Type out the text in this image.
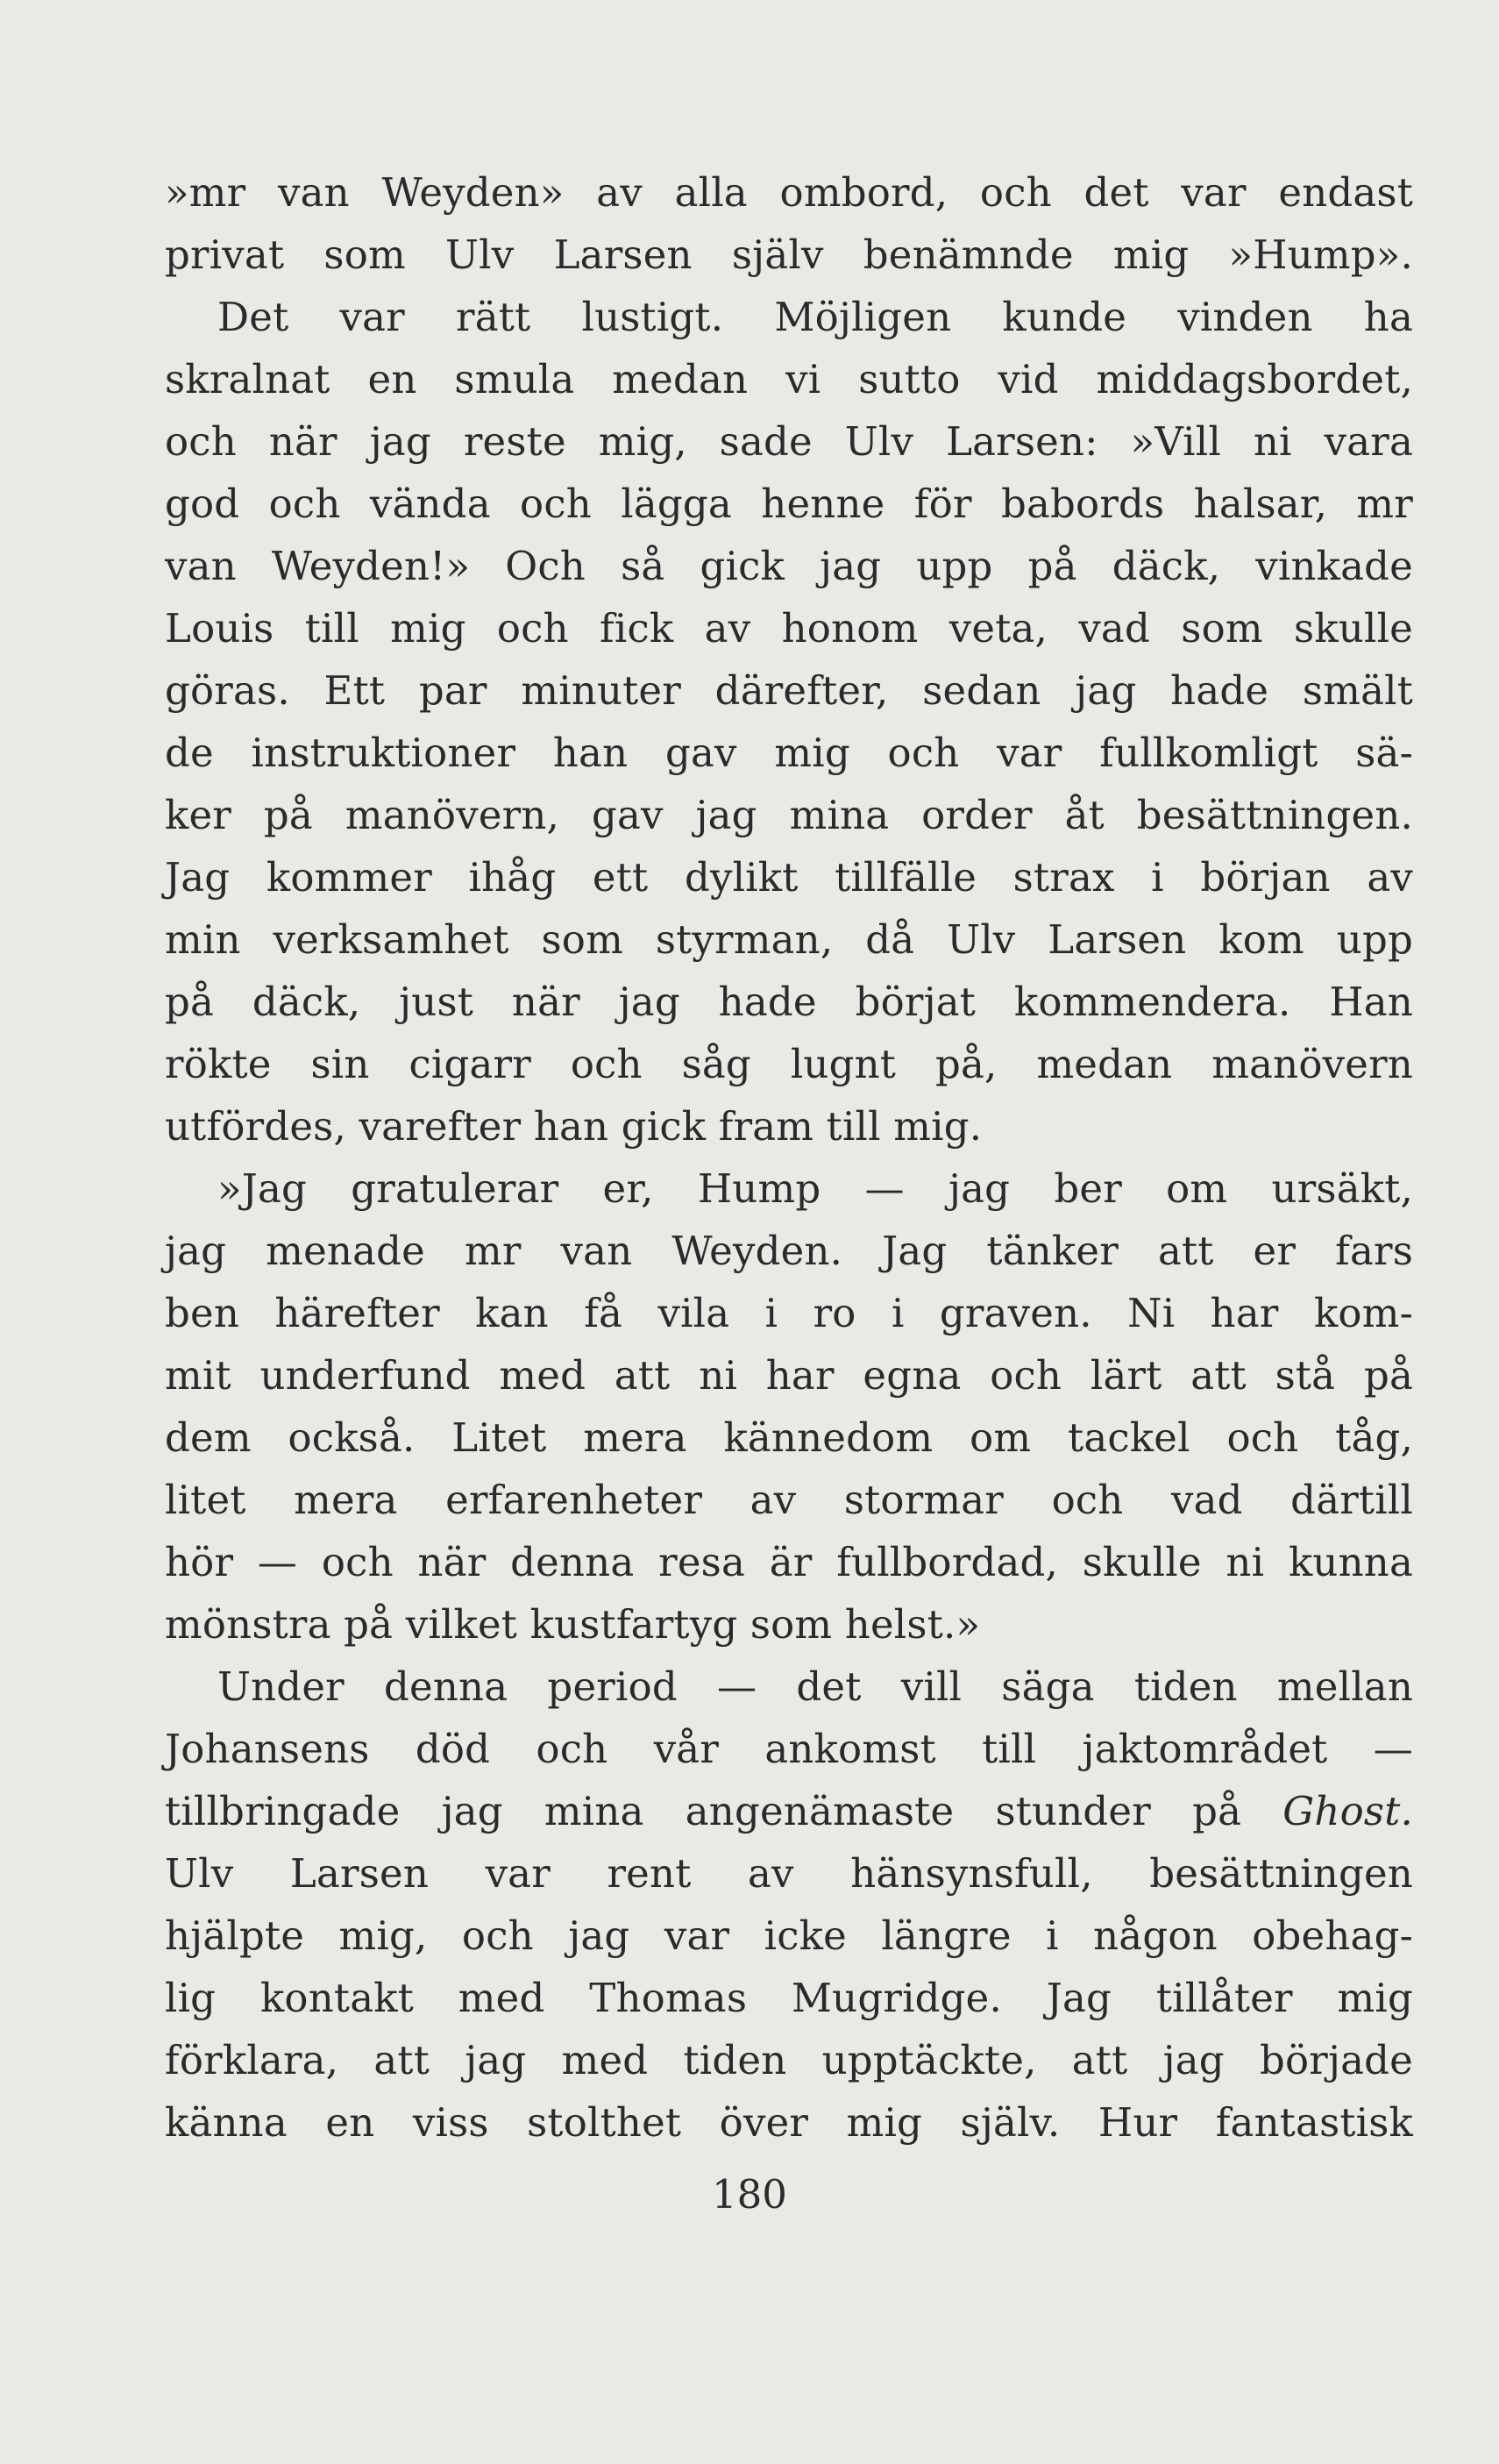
»mr van Weyden» av alla ombord, och det var endast
privat som Ulv Larsen själv benämnde mig »Hump».
Det var rätt lustigt. Möjligen kunde vinden ha
skralnat en smula medan vi sutto vid middagsbordet,
och när jag reste mig, sade Ulv Larsen: »Vill ni vara
god och vända och lägga henne för babords halsar, mr
van Weyden!» Och så gick jag upp på däck, vinkade
Louis till mig och fick av honom veta, vad som skulle
göras. Ett par minuter därefter, sedan jag hade smält
de instruktioner han gav mig och var fullkomligt sä-
ker på manövern, gav jag mina order åt besättningen.
Jag kommer ihåg ett dylikt tillfälle strax i början av
min verksamhet som styrman, då Ulv Larsen kom upp
på däck, just när jag hade börjat kommendera. Han
rökte sin cigarr och såg lugnt på, medan manövern
utfördes, varefter han gick fram till mig.
»Jag gratulerar er, Hump — jag ber om ursäkt,
jag menade mr van Weyden. Jag tänker att er fars
ben härefter kan få vila i ro i graven. Ni har kom-
mit underfund med att ni har egna och lärt att stå på
dem också. Litet mera kännedom om tackel och tåg,
litet mera erfarenheter av stormar och vad därtill
hör — och när denna resa är fullbordad, skulle ni kunna
mönstra på vilket kustfartyg som helst.»
Under denna period — det vill säga tiden mellan
Johansens död och vår ankomst till jaktområdet —
tillbringade jag mina angenämaste stunder på Ghost.
Ulv Larsen var rent av hänsynsfull, besättningen
hjälpte mig, och jag var icke längre i någon obehag-
lig kontakt med Thomas Mugridge. Jag tillåter mig
förklara, att jag med tiden upptäckte, att jag började
känna en viss stolthet över mig själv. Hur fantastisk
180
